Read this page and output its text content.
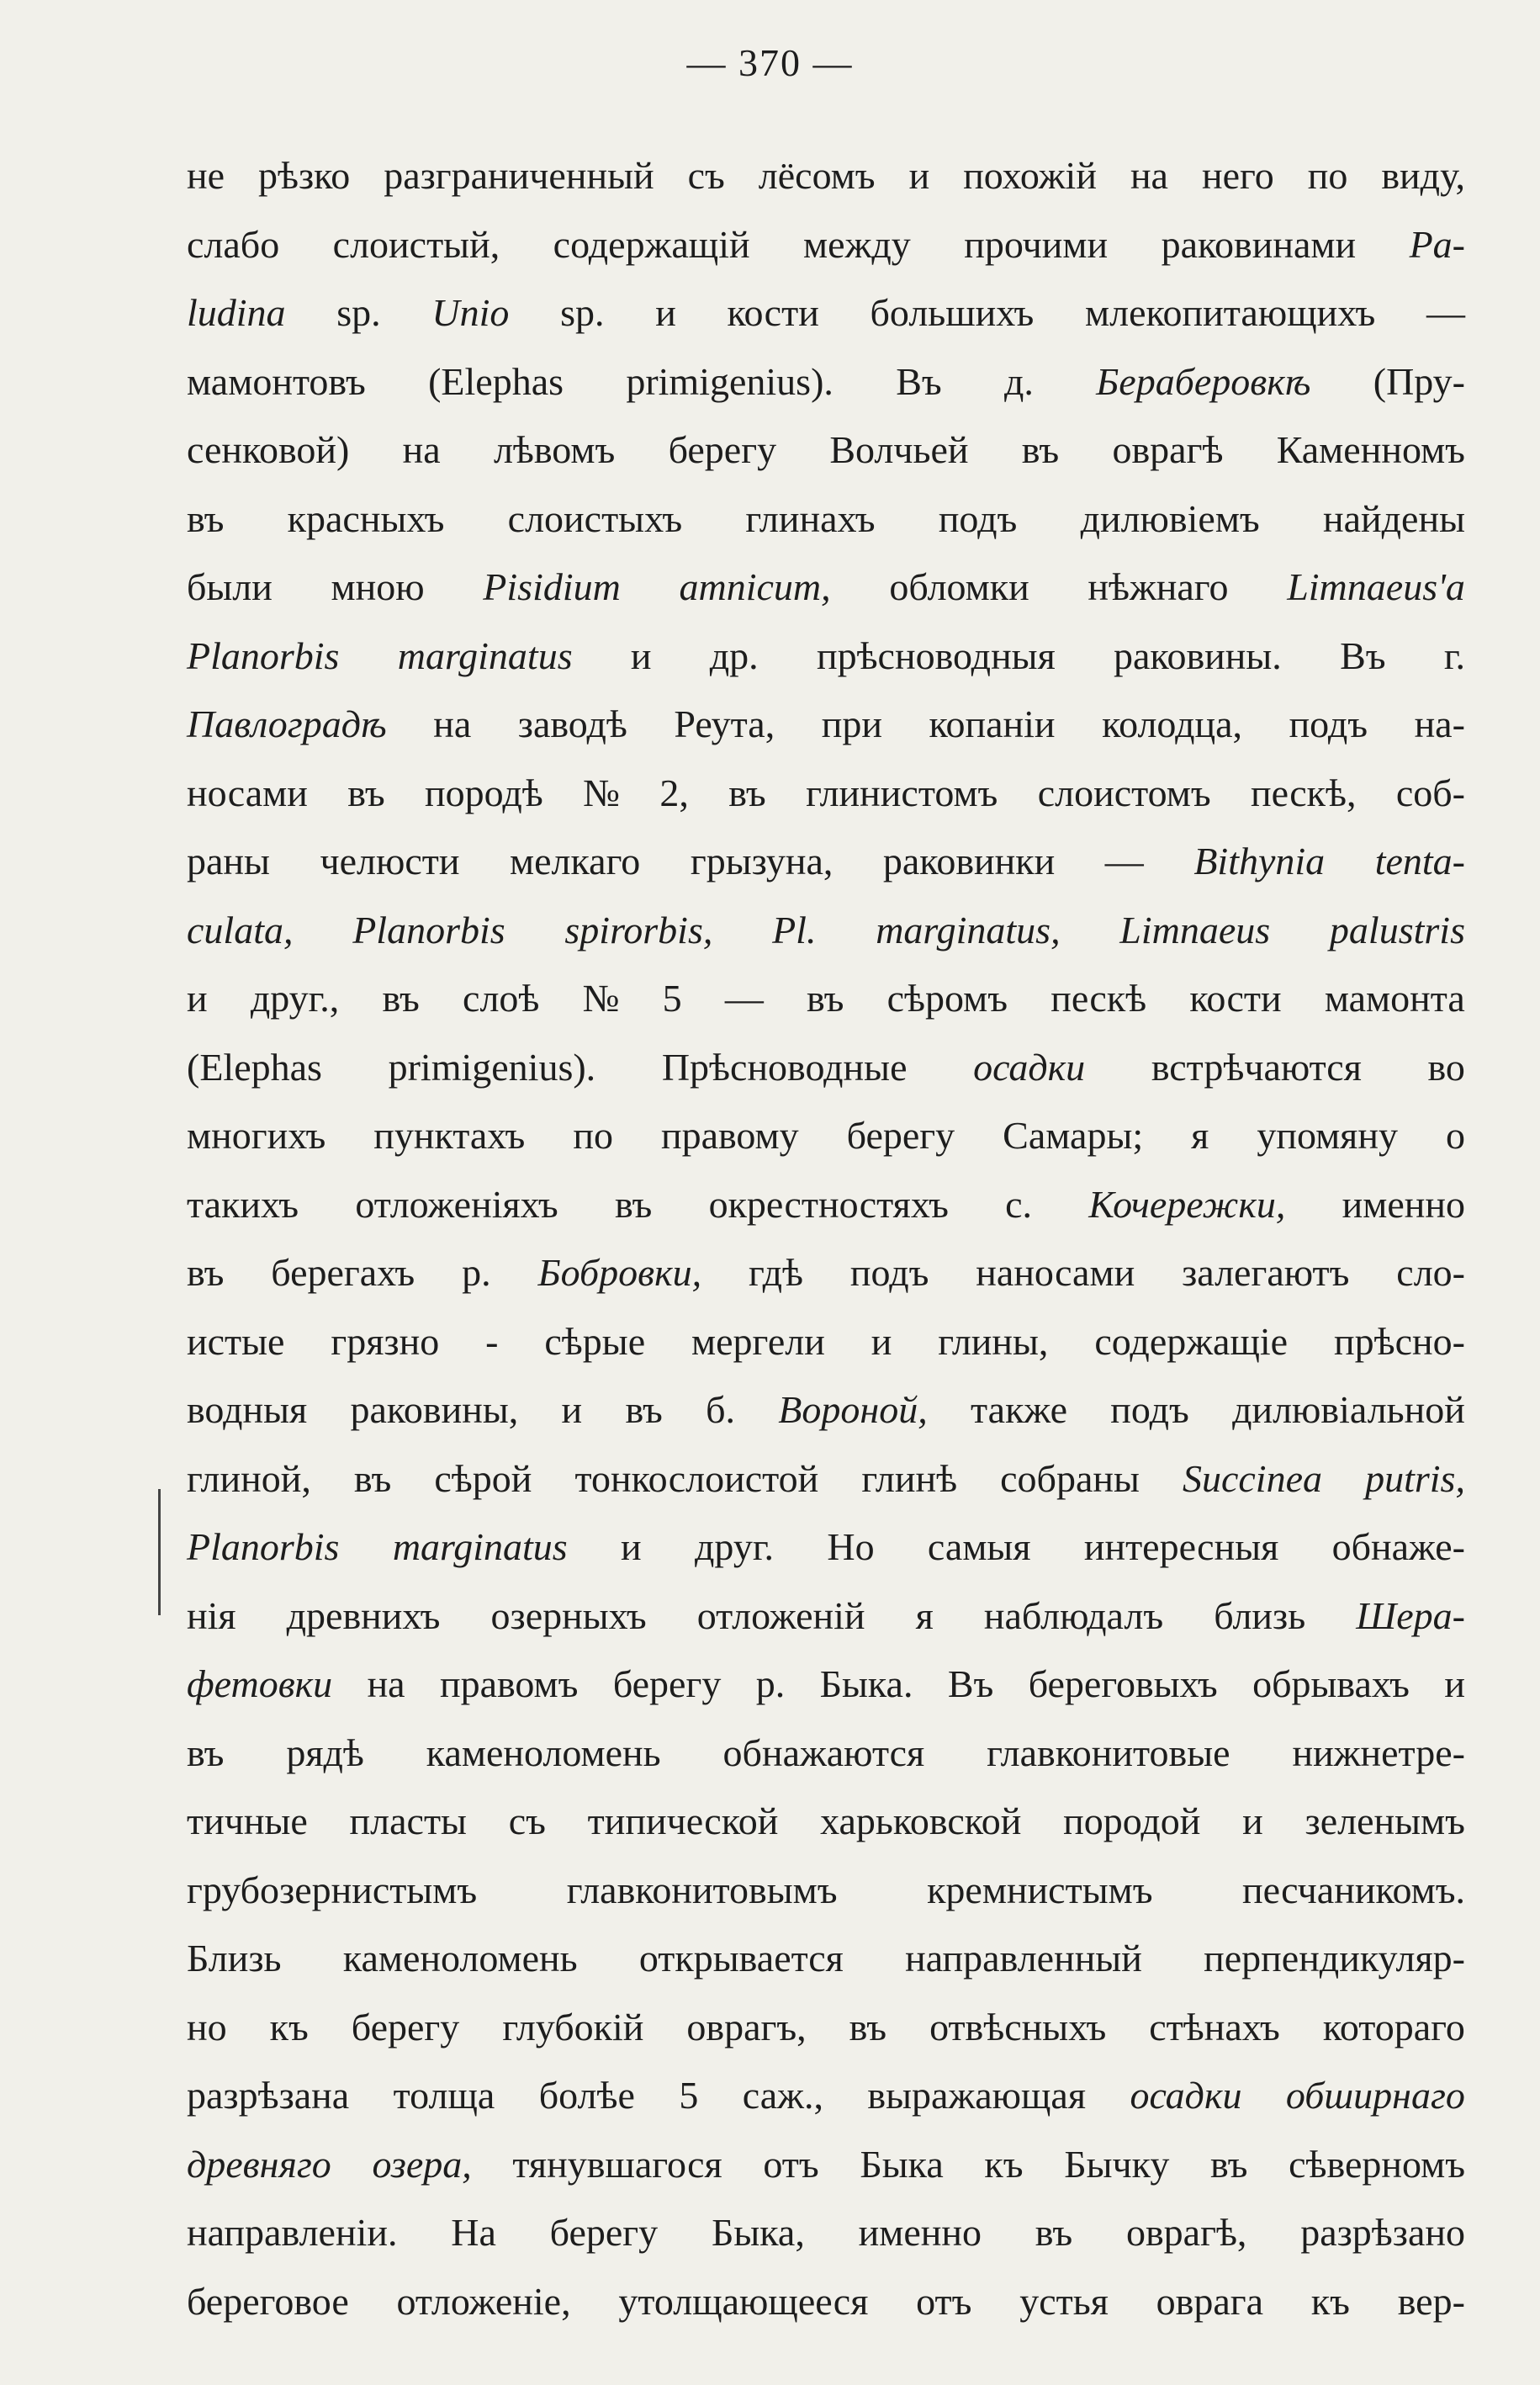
— 370 —
не рѣзко разграниченный съ лёсомъ и похожій на него по виду,
слабо слоистый, содержащій между прочими раковинами Pa-
ludina sp. Unio sp. и кости большихъ млекопитающихъ —
мамонтовъ (Elephas primigenius). Въ д. Бераберовкѣ (Пру-
сенковой) на лѣвомъ берегу Волчьей въ оврагѣ Каменномъ
въ красныхъ слоистыхъ глинахъ подъ дилювіемъ найдены
были мною Pisidium amnicum, обломки нѣжнаго Limnaeus'a
Planorbis marginatus и др. прѣсноводныя раковины. Въ г.
Павлоградѣ на заводѣ Реута, при копаніи колодца, подъ на-
носами въ породѣ № 2, въ глинистомъ слоистомъ пескѣ, соб-
раны челюсти мелкаго грызуна, раковинки — Bithynia tenta-
culata, Planorbis spirorbis, Pl. marginatus, Limnaeus palustris
и друг., въ слоѣ № 5 — въ сѣромъ пескѣ кости мамонта
(Elephas primigenius). Прѣсноводные осадки встрѣчаются во
многихъ пунктахъ по правому берегу Самары; я упомяну о
такихъ отложеніяхъ въ окрестностяхъ с. Кочережки, именно
въ берегахъ р. Бобровки, гдѣ подъ наносами залегаютъ сло-
истые грязно - сѣрые мергели и глины, содержащіе прѣсно-
водныя раковины, и въ б. Вороной, также подъ дилювіальной
глиной, въ сѣрой тонкослоистой глинѣ собраны Succinea putris,
Planorbis marginatus и друг. Но самыя интересныя обнаже-
нія древнихъ озерныхъ отложеній я наблюдалъ близь Шера-
фетовки на правомъ берегу р. Быка. Въ береговыхъ обрывахъ и
въ рядѣ каменоломень обнажаются главконитовые нижнетре-
тичные пласты съ типической харьковской породой и зеленымъ
грубозернистымъ главконитовымъ кремнистымъ песчаникомъ.
Близь каменоломень открывается направленный перпендикуляр-
но къ берегу глубокій оврагъ, въ отвѣсныхъ стѣнахъ котораго
разрѣзана толща болѣе 5 саж., выражающая осадки обширнаго
древняго озера, тянувшагося отъ Быка къ Бычку въ сѣверномъ
направленіи. На берегу Быка, именно въ оврагѣ, разрѣзано
береговое отложеніе, утолщающееся отъ устья оврага къ вер-
